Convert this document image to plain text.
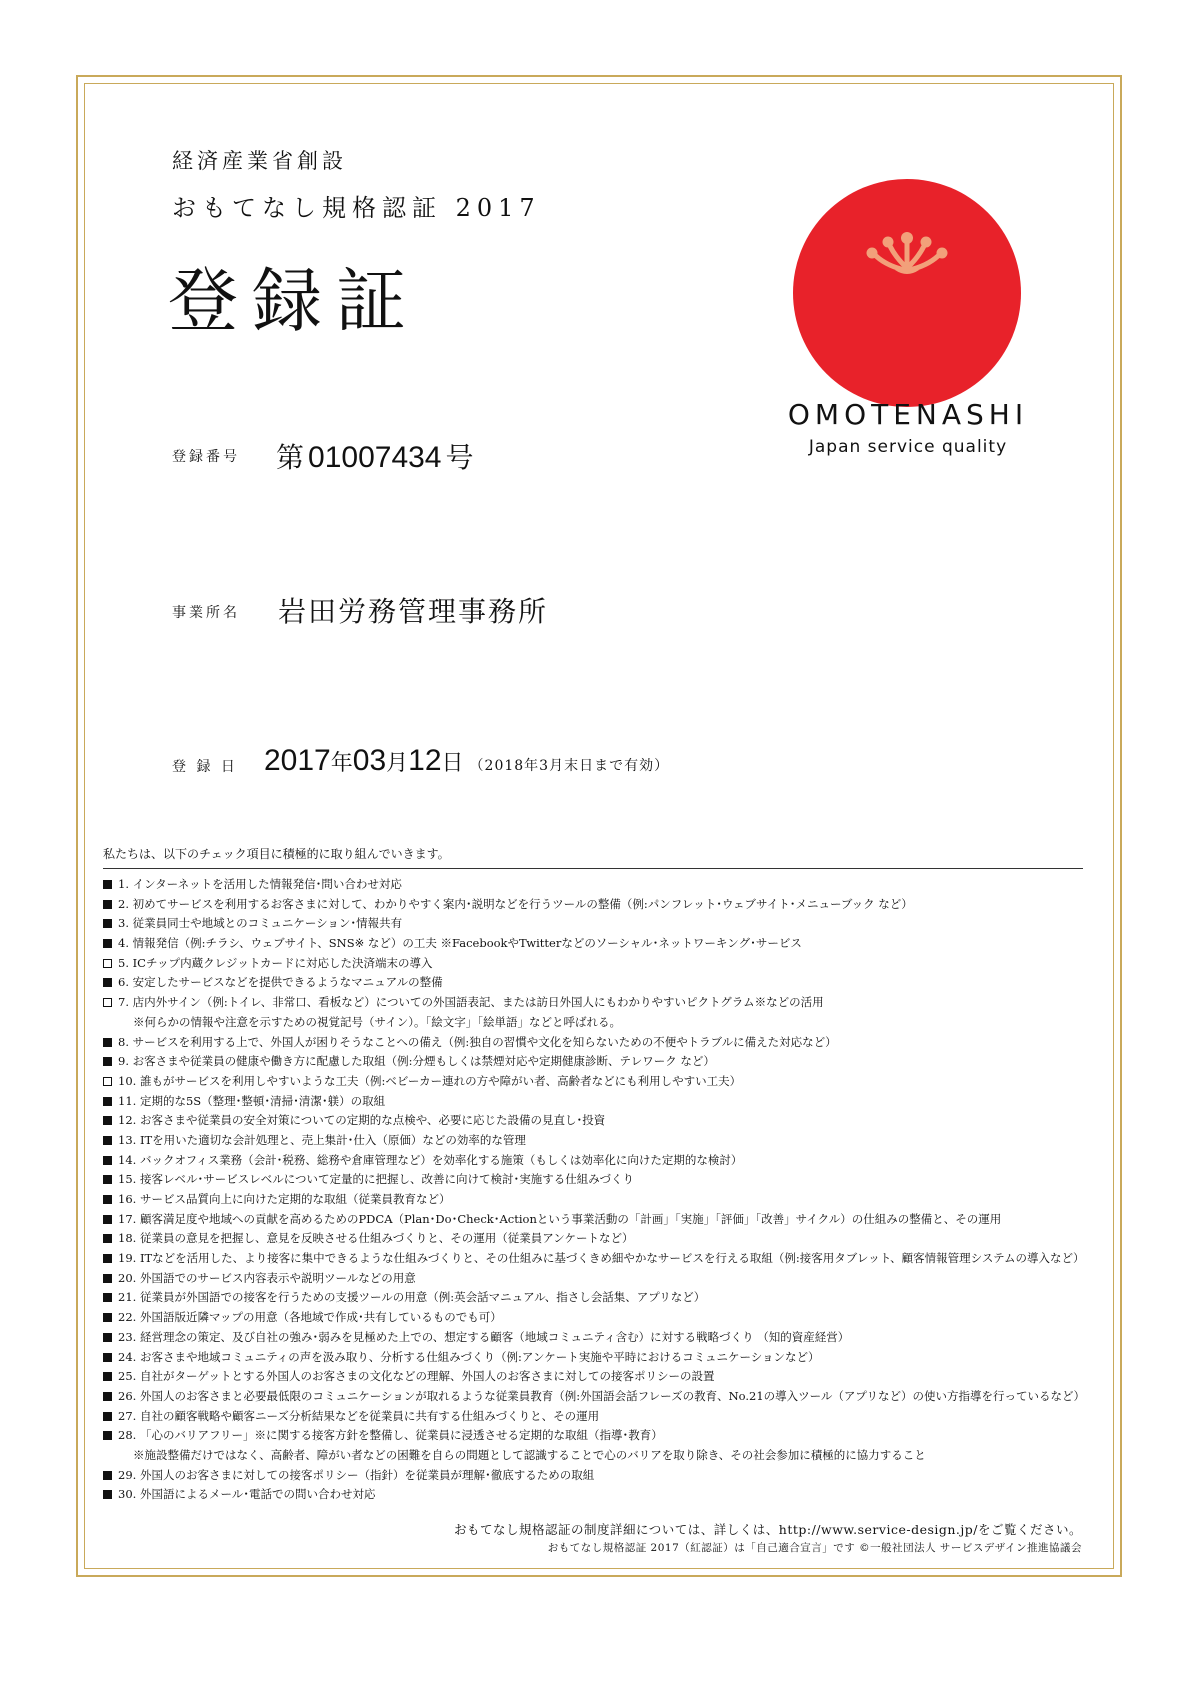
経済産業省創設
おもてなし規格認証 2017
登録証
OMOTENASHI
Japan service quality
登録番号 第 01007434 号
事業所名 岩田労務管理事務所
登 録 日 2017年03月12日 （2018年3月末日まで有効）
私たちは、以下のチェック項目に積極的に取り組んでいきます。
1. インターネットを活用した情報発信･問い合わせ対応
2. 初めてサービスを利用するお客さまに対して、わかりやすく案内･説明などを行うツールの整備（例:パンフレット･ウェブサイト･メニューブック など）
3. 従業員同士や地域とのコミュニケーション･情報共有
4. 情報発信（例:チラシ、ウェブサイト、SNS※ など）の工夫 ※FacebookやTwitterなどのソーシャル･ネットワーキング･サービス
5. ICチップ内蔵クレジットカードに対応した決済端末の導入
6. 安定したサービスなどを提供できるようなマニュアルの整備
7. 店内外サイン（例:トイレ、非常口、看板など）についての外国語表記、または訪日外国人にもわかりやすいピクトグラム※などの活用
※何らかの情報や注意を示すための視覚記号（サイン）。「絵文字」「絵単語」などと呼ばれる。
8. サービスを利用する上で、外国人が困りそうなことへの備え（例:独自の習慣や文化を知らないための不便やトラブルに備えた対応など）
9. お客さまや従業員の健康や働き方に配慮した取組（例:分煙もしくは禁煙対応や定期健康診断、テレワーク など）
10. 誰もがサービスを利用しやすいような工夫（例:ベビーカー連れの方や障がい者、高齢者などにも利用しやすい工夫）
11. 定期的な5S（整理･整頓･清掃･清潔･躾）の取組
12. お客さまや従業員の安全対策についての定期的な点検や、必要に応じた設備の見直し･投資
13. ITを用いた適切な会計処理と、売上集計･仕入（原価）などの効率的な管理
14. バックオフィス業務（会計･税務、総務や倉庫管理など）を効率化する施策（もしくは効率化に向けた定期的な検討）
15. 接客レベル･サービスレベルについて定量的に把握し、改善に向けて検討･実施する仕組みづくり
16. サービス品質向上に向けた定期的な取組（従業員教育など）
17. 顧客満足度や地域への貢献を高めるためのPDCA（Plan･Do･Check･Actionという事業活動の「計画」「実施」「評価」「改善」サイクル）の仕組みの整備と、その運用
18. 従業員の意見を把握し、意見を反映させる仕組みづくりと、その運用（従業員アンケートなど）
19. ITなどを活用した、より接客に集中できるような仕組みづくりと、その仕組みに基づくきめ細やかなサービスを行える取組（例:接客用タブレット、顧客情報管理システムの導入など）
20. 外国語でのサービス内容表示や説明ツールなどの用意
21. 従業員が外国語での接客を行うための支援ツールの用意（例:英会話マニュアル、指さし会話集、アプリなど）
22. 外国語版近隣マップの用意（各地域で作成･共有しているものでも可）
23. 経営理念の策定、及び自社の強み･弱みを見極めた上での、想定する顧客（地域コミュニティ含む）に対する戦略づくり （知的資産経営）
24. お客さまや地域コミュニティの声を汲み取り、分析する仕組みづくり（例:アンケート実施や平時におけるコミュニケーションなど）
25. 自社がターゲットとする外国人のお客さまの文化などの理解、外国人のお客さまに対しての接客ポリシーの設置
26. 外国人のお客さまと必要最低限のコミュニケーションが取れるような従業員教育（例:外国語会話フレーズの教育、No.21の導入ツール（アプリなど）の使い方指導を行っているなど）
27. 自社の顧客戦略や顧客ニーズ分析結果などを従業員に共有する仕組みづくりと、その運用
28. 「心のバリアフリー」※に関する接客方針を整備し、従業員に浸透させる定期的な取組（指導･教育）
※施設整備だけではなく、高齢者、障がい者などの困難を自らの問題として認識することで心のバリアを取り除き、その社会参加に積極的に協力すること
29. 外国人のお客さまに対しての接客ポリシー（指針）を従業員が理解･徹底するための取組
30. 外国語によるメール･電話での問い合わせ対応
おもてなし規格認証の制度詳細については、詳しくは、http://www.service-design.jp/をご覧ください。
おもてなし規格認証 2017（紅認証）は「自己適合宣言」です ©一般社団法人 サービスデザイン推進協議会
